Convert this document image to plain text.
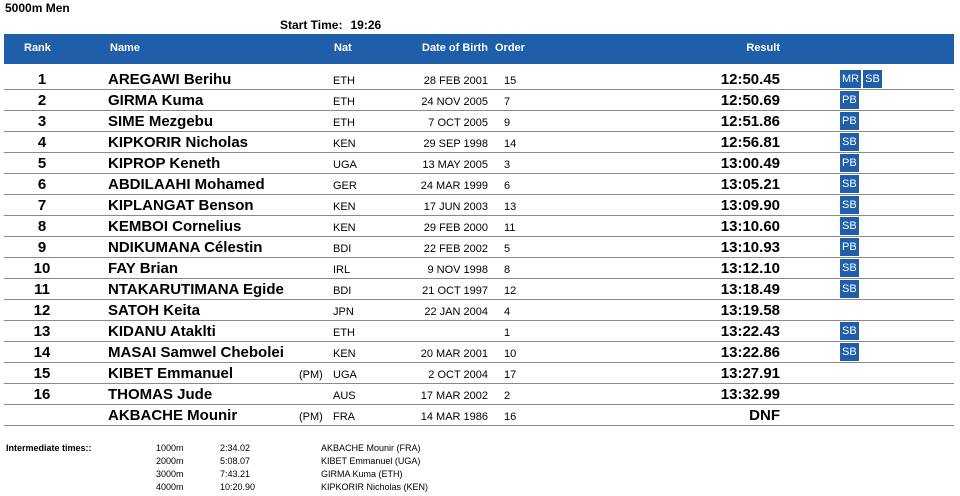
5000m Men
Start Time: 19:26
Rank	Name	Nat	Date of Birth Order	Result
1	AREGAWI Berihu	ETH	28 FEB 2001 15	12:50.45	MR SB
2	GIRMA Kuma	ETH	24 NOV 2005 7	12:50.69	PB
3	SIME Mezgebu	ETH	7 OCT 2005 9	12:51.86	PB
4	KIPKORIR Nicholas	KEN	29 SEP 1998 14	12:56.81	SB
5	KIPROP Keneth	UGA	13 MAY 2005 3	13:00.49	PB
6	ABDILAAHI Mohamed	GER	24 MAR 1999 6	13:05.21	SB
7	KIPLANGAT Benson	KEN	17 JUN 2003 13	13:09.90	SB
8	KEMBOI Cornelius	KEN	29 FEB 2000 11	13:10.60	SB
9	NDIKUMANA Célestin	BDI	22 FEB 2002 5	13:10.93	PB
10	FAY Brian	IRL	9 NOV 1998 8	13:12.10	SB
11	NTAKARUTIMANA Egide	BDI	21 OCT 1997 12	13:18.49	SB
12	SATOH Keita	JPN	22 JAN 2004 4	13:19.58
13	KIDANU Ataklti	ETH	1	13:22.43	SB
14	MASAI Samwel Chebolei	KEN	20 MAR 2001 10	13:22.86	SB
15	KIBET Emmanuel	(PM) UGA	2 OCT 2004 17	13:27.91
16	THOMAS Jude	AUS	17 MAR 2002 2	13:32.99
AKBACHE Mounir	(PM) FRA	14 MAR 1986 16	DNF
Intermediate times::	1000m	2:34.02	AKBACHE Mounir (FRA)
2000m	5:08.07	KIBET Emmanuel (UGA)
3000m	7:43.21	GIRMA Kuma (ETH)
4000m	10:20.90	KIPKORIR Nicholas (KEN)
